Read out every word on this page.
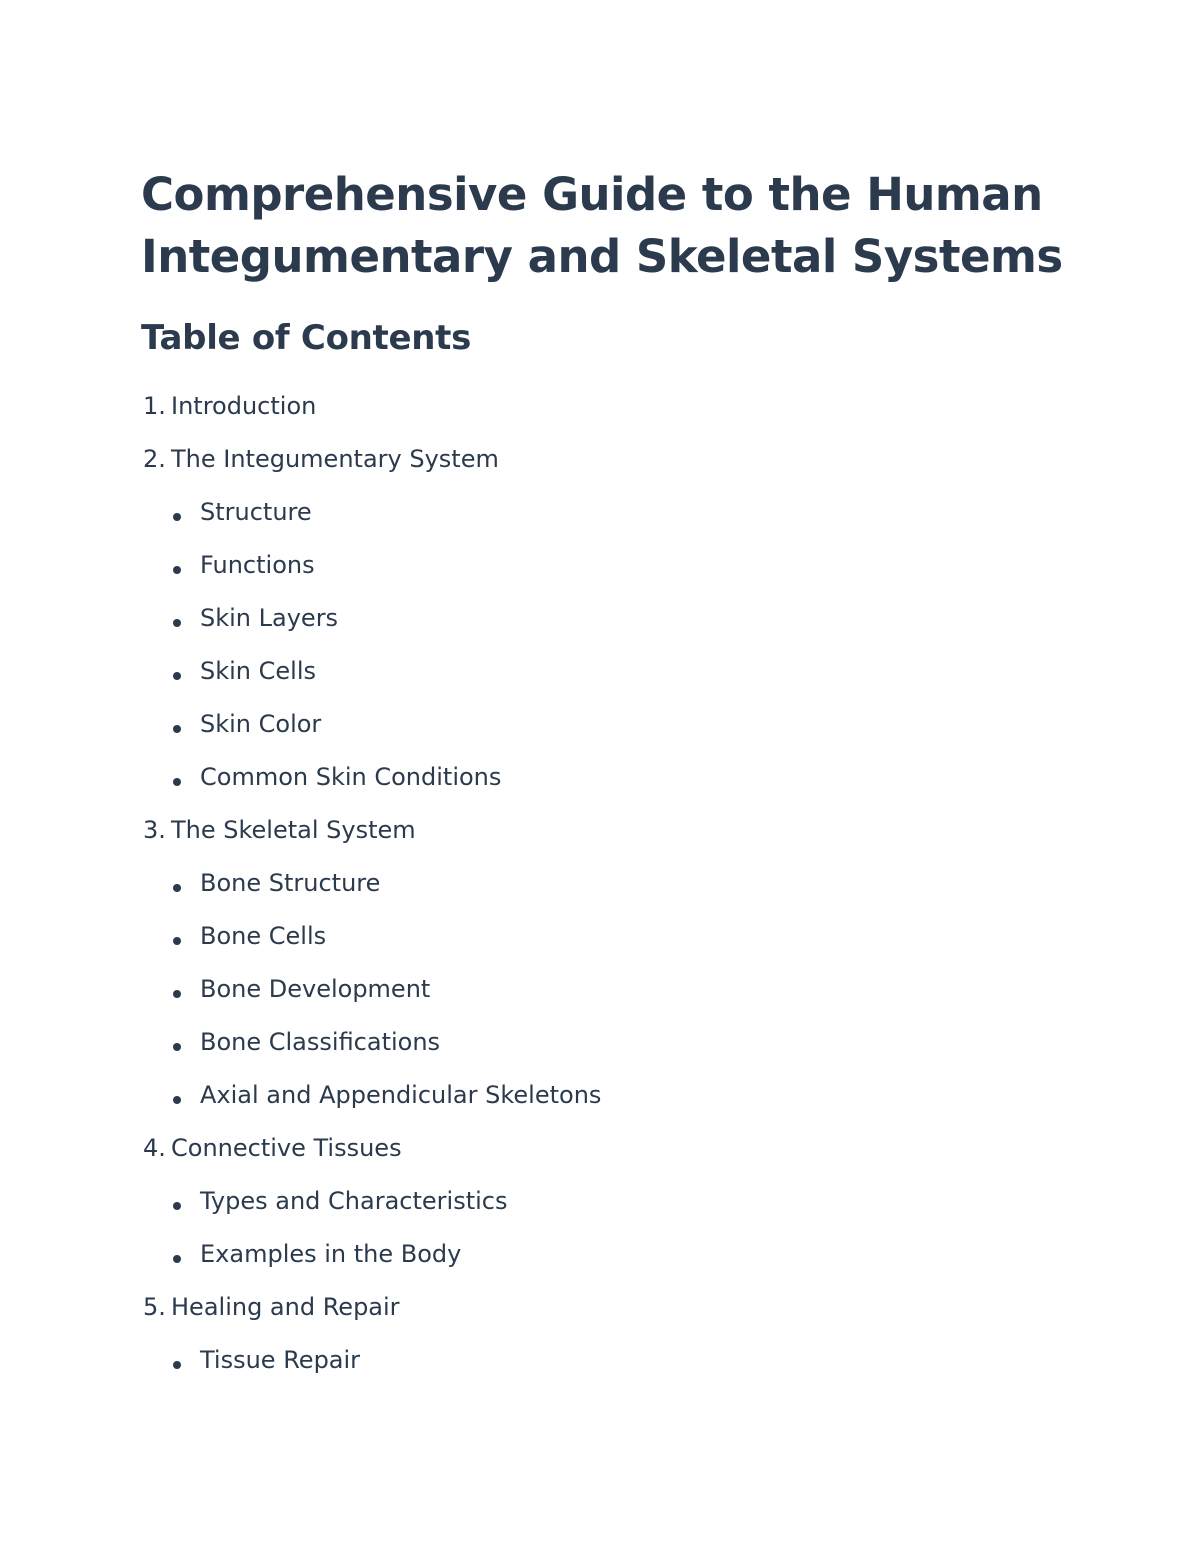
Comprehensive Guide to the Human Integumentary and Skeletal Systems
Table of Contents
1. Introduction
2. The Integumentary System
Structure
Functions
Skin Layers
Skin Cells
Skin Color
Common Skin Conditions
3. The Skeletal System
Bone Structure
Bone Cells
Bone Development
Bone Classifications
Axial and Appendicular Skeletons
4. Connective Tissues
Types and Characteristics
Examples in the Body
5. Healing and Repair
Tissue Repair
